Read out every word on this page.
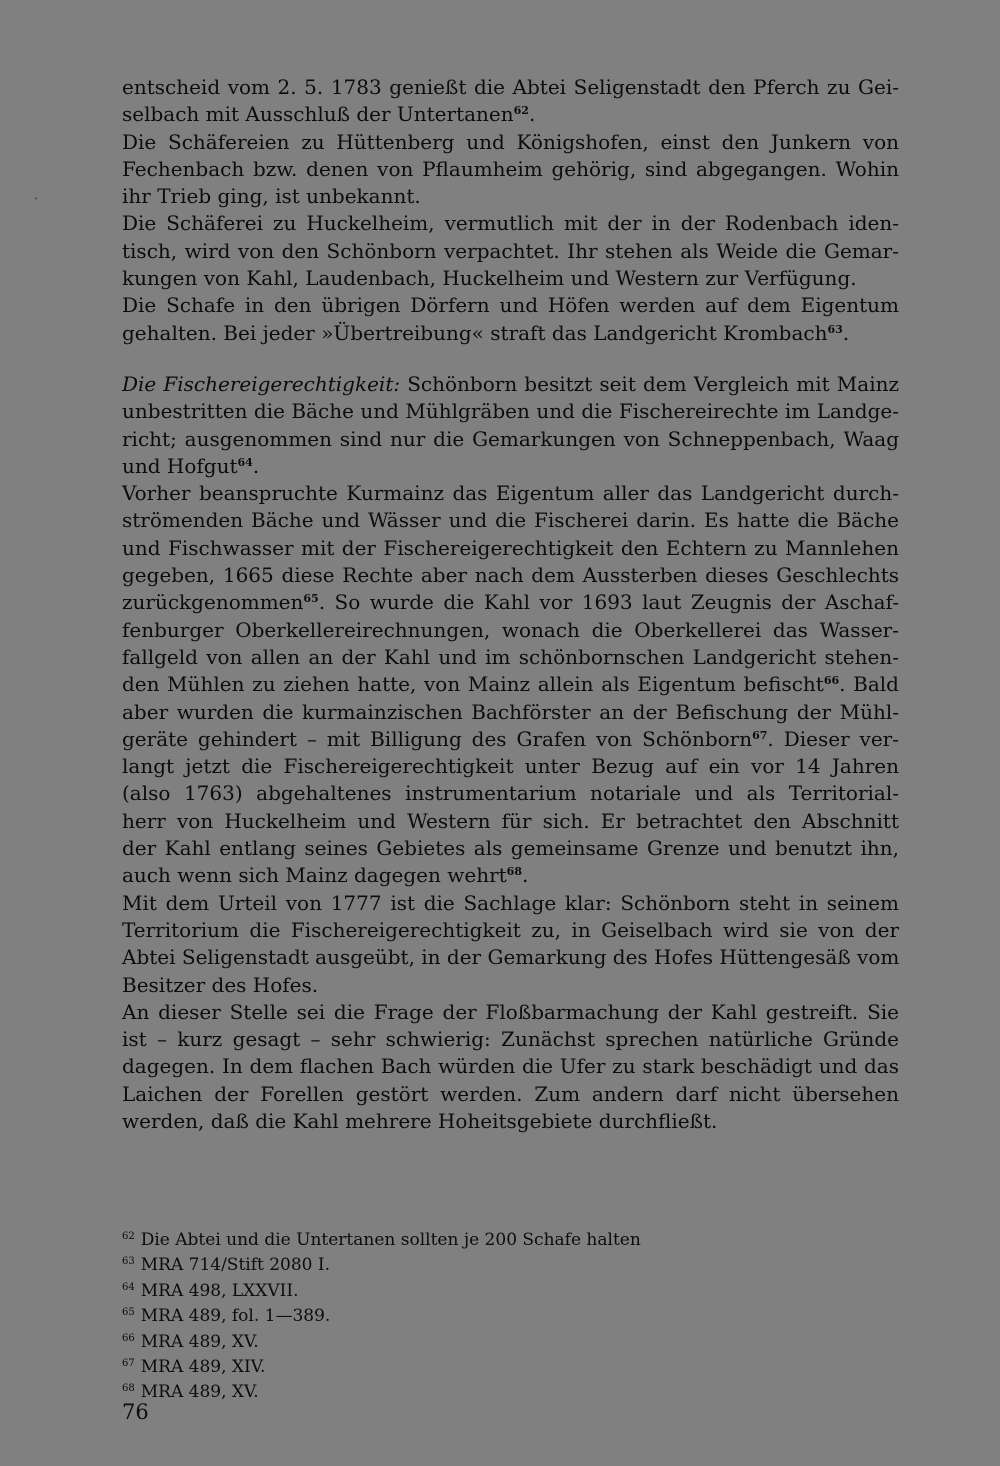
`

entscheid vom 2. 5. 1783 genießt die Abtei Seligenstadt den Pferch zu Gei-
selbach mit Ausschluß der Untertanen$^{62}$.

Die Schäfereien zu Hüttenberg und Königshofen, einst den Junkern von
Fechenbach bzw. denen von Pflaumheim gehörig, sind abgegangen. Wohin
ihr Trieb ging, ist unbekannt.

Die Schäferei zu Huckelheim, vermutlich mit der in der Rodenbach iden-
tisch, wird von den Schönborn verpachtet. Ihr stehen als Weide die Gemar-
kungen von Kahl, Laudenbach, Huckelheim und Western zur Verfügung.

Die Schafe in den übrigen Dörfern und Höfen werden auf dem Eigentum
gehalten. Bei jeder »Übertreibung« straft das Landgericht Krombach$^{63}$.

Die Fischereigerechtigkeit: Schönborn besitzt seit dem Vergleich mit Mainz
unbestritten die Bäche und Mühlgräben und die Fischereirechte im Landge-
richt; ausgenommen sind nur die Gemarkungen von Schneppenbach, Waag
und Hofgut$^{64}$.

Vorher beanspruchte Kurmainz das Eigentum aller das Landgericht durch-
strömenden Bäche und Wässer und die Fischerei darin. Es hatte die Bäche
und Fischwasser mit der Fischereigerechtigkeit den Echtern zu Mannlehen
gegeben, 1665 diese Rechte aber nach dem Aussterben dieses Geschlechts
zurückgenommen$^{65}$. So wurde die Kahl vor 1693 laut Zeugnis der Aschaf-
fenburger Oberkellereirechnungen, wonach die Oberkellerei das Wasser-
fallgeld von allen an der Kahl und im schönbornschen Landgericht stehen-
den Mühlen zu ziehen hatte, von Mainz allein als Eigentum befischt$^{66}$. Bald
aber wurden die kurmainzischen Bachförster an der Befischung der Mühl-
geräte gehindert – mit Billigung des Grafen von Schönborn$^{67}$. Dieser ver-
langt jetzt die Fischereigerechtigkeit unter Bezug auf ein vor 14 Jahren
(also 1763) abgehaltenes instrumentarium notariale und als Territorial-
herr von Huckelheim und Western für sich. Er betrachtet den Abschnitt
der Kahl entlang seines Gebietes als gemeinsame Grenze und benutzt ihn,
auch wenn sich Mainz dagegen wehrt$^{68}$.

Mit dem Urteil von 1777 ist die Sachlage klar: Schönborn steht in seinem
Territorium die Fischereigerechtigkeit zu, in Geiselbach wird sie von der
Abtei Seligenstadt ausgeübt, in der Gemarkung des Hofes Hüttengesäß vom
Besitzer des Hofes.

An dieser Stelle sei die Frage der Floßbarmachung der Kahl gestreift. Sie
ist – kurz gesagt – sehr schwierig: Zunächst sprechen natürliche Gründe
dagegen. In dem flachen Bach würden die Ufer zu stark beschädigt und das
Laichen der Forellen gestört werden. Zum andern darf nicht übersehen
werden, daß die Kahl mehrere Hoheitsgebiete durchfließt.

$^{62}$ Die Abtei und die Untertanen sollten je 200 Schafe halten
$^{63}$ MRA 714/Stift 2080 I.
$^{64}$ MRA 498, LXXVII.
$^{65}$ MRA 489, fol. 1—389.
$^{66}$ MRA 489, XV.
$^{67}$ MRA 489, XIV.
$^{68}$ MRA 489, XV.
76
